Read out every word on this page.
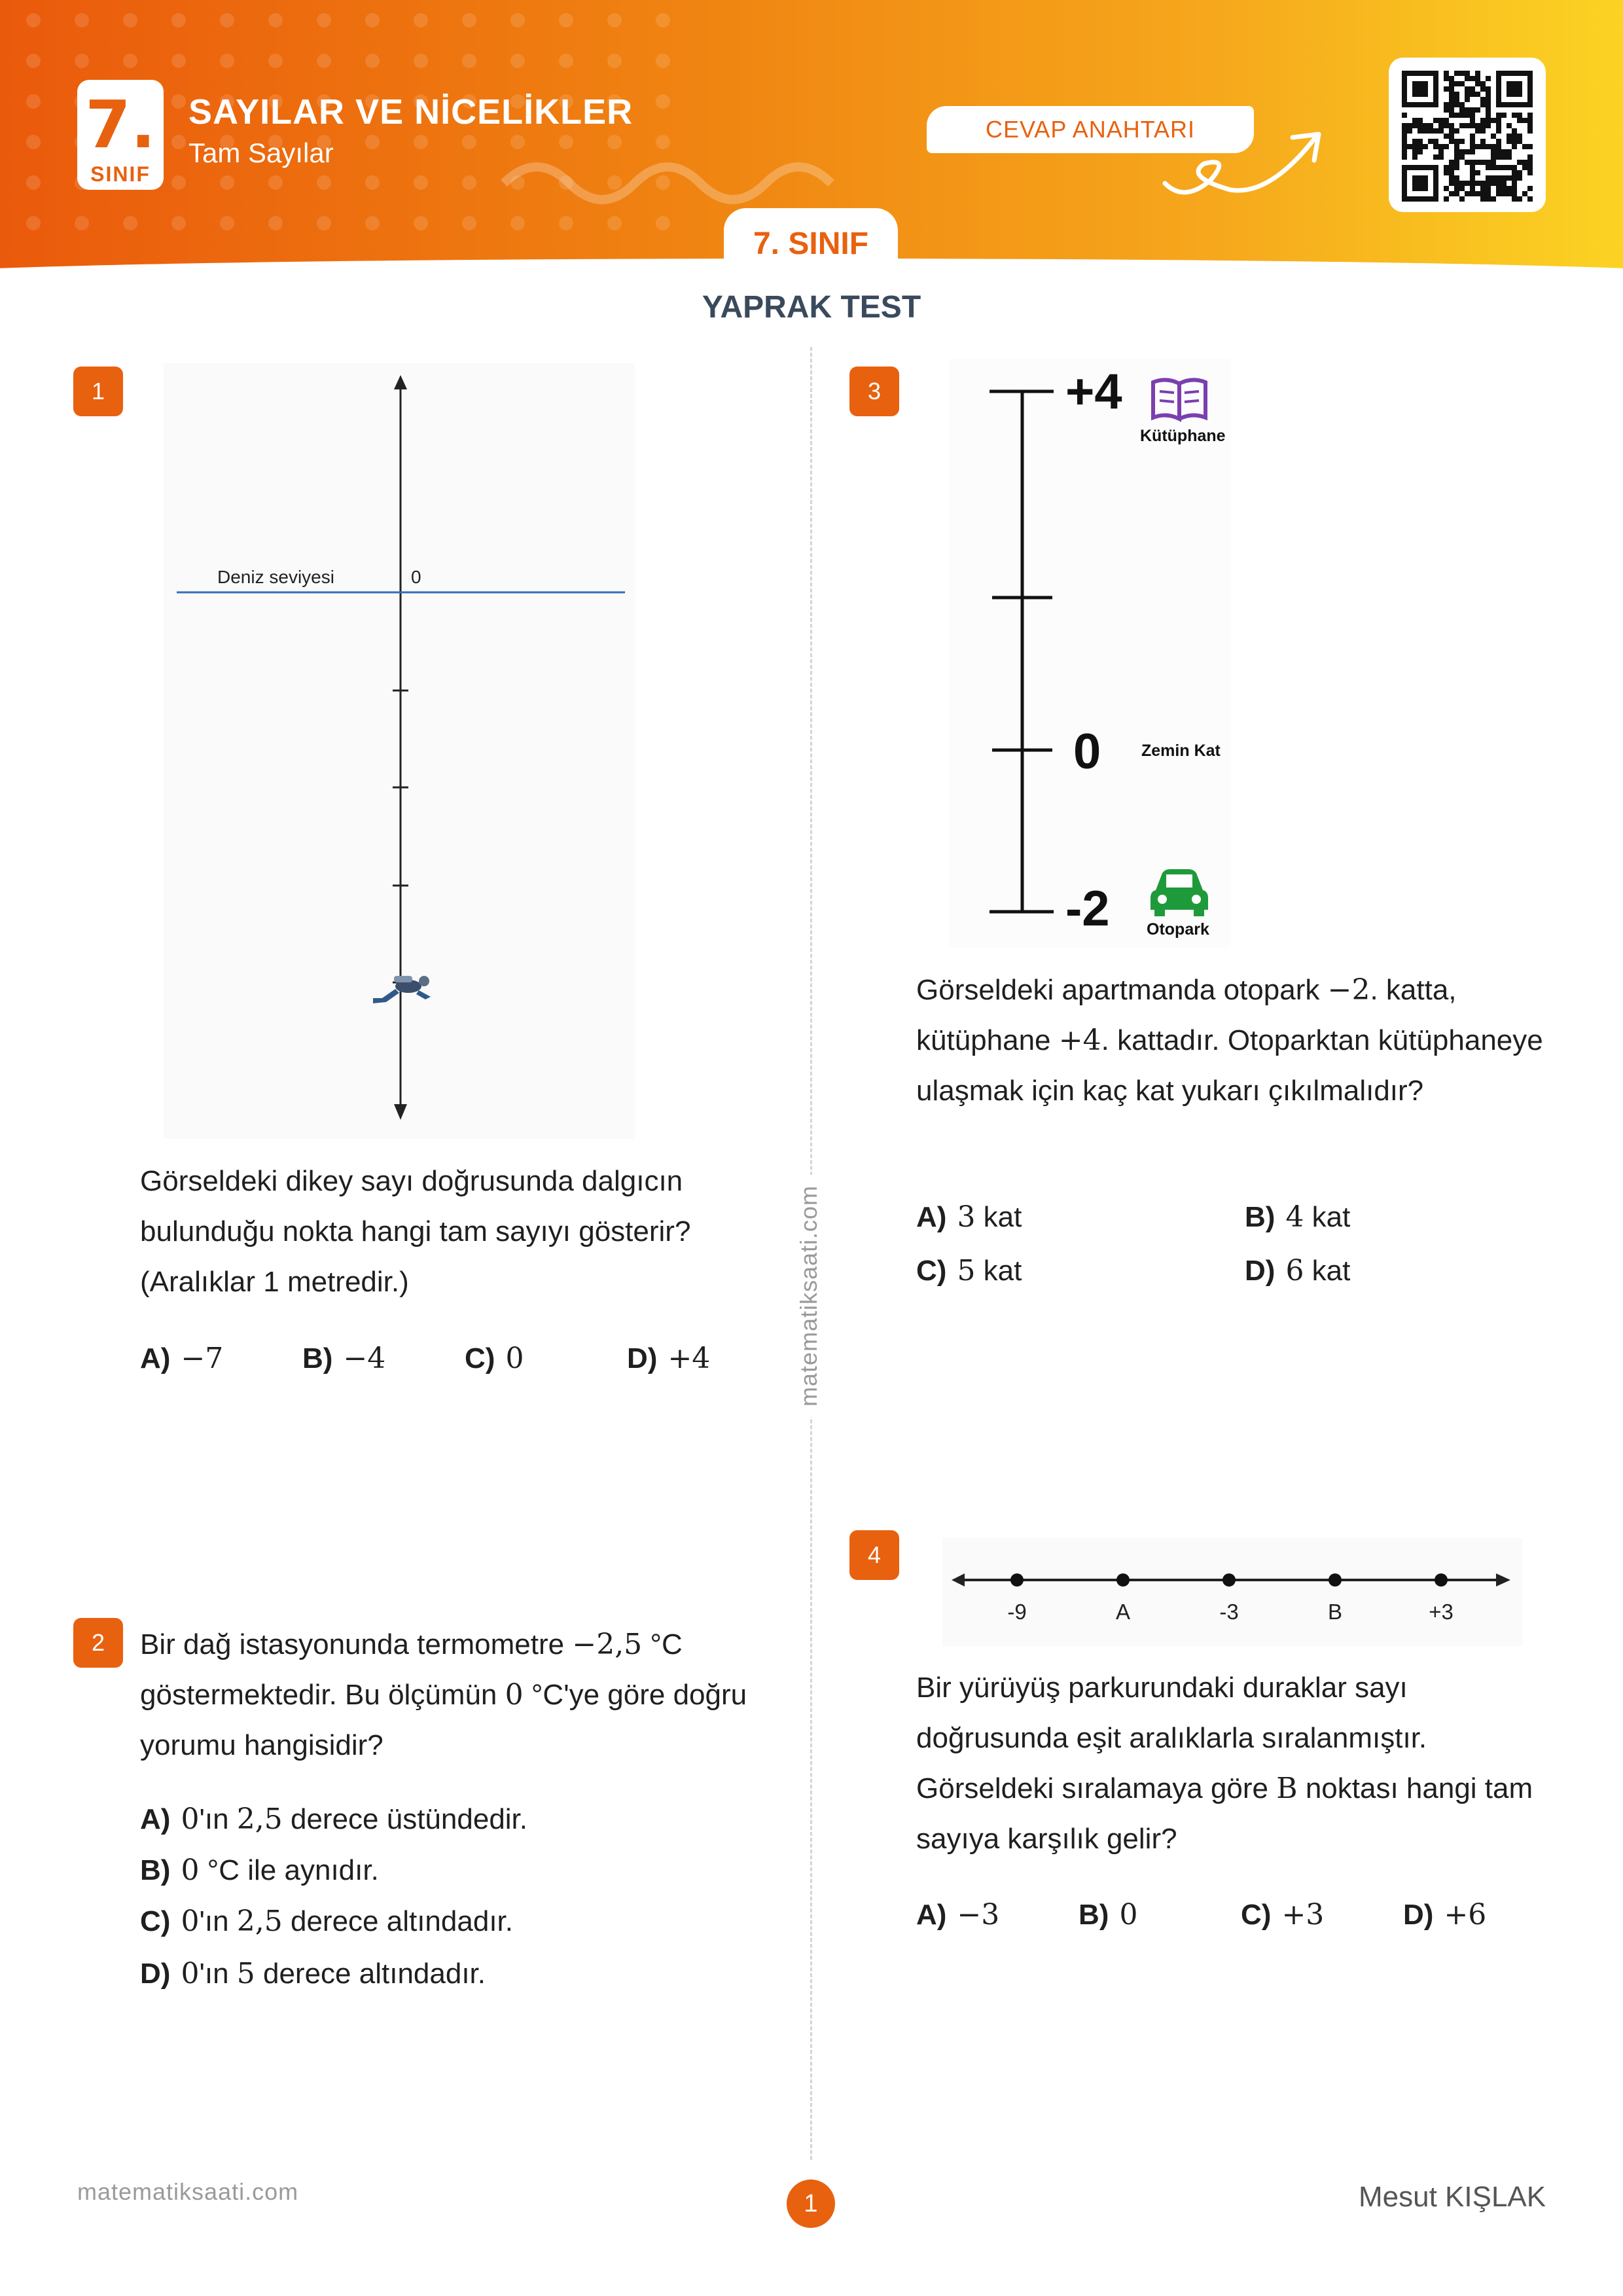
7.
SINIF
SAYILAR VE NİCELİKLER
Tam Sayılar
CEVAP ANAHTARI
7. SINIF
YAPRAK TEST
matematiksaati.com
1
Deniz seviyesi	0
Görseldeki dikey sayı doğrusunda dalgıcın bulunduğu nokta hangi tam sayıyı gösterir? (Aralıklar 1 metredir.)
A) −7	B) −4	C) 0	D) +4
2	Bir dağ istasyonunda termometre −2,5 °C göstermektedir. Bu ölçümün 0 °C'ye göre doğru yorumu hangisidir?
A) 0'ın 2,5 derece üstündedir.
B) 0 °C ile aynıdır.
C) 0'ın 2,5 derece altındadır.
D) 0'ın 5 derece altındadır.
3	+4
0
-2
Kütüphane
Zemin Kat
Otopark
Görseldeki apartmanda otopark −2. katta, kütüphane +4. kattadır. Otoparktan kütüphaneye ulaşmak için kaç kat yukarı çıkılmalıdır?
A) 3 kat	B) 4 kat
C) 5 kat	D) 6 kat
4
-9	A	-3	B	+3
Bir yürüyüş parkurundaki duraklar sayı doğrusunda eşit aralıklarla sıralanmıştır. Görseldeki sıralamaya göre B noktası hangi tam sayıya karşılık gelir?
A) −3	B) 0	C) +3	D) +6
matematiksaati.com	1	Mesut KIŞLAK
